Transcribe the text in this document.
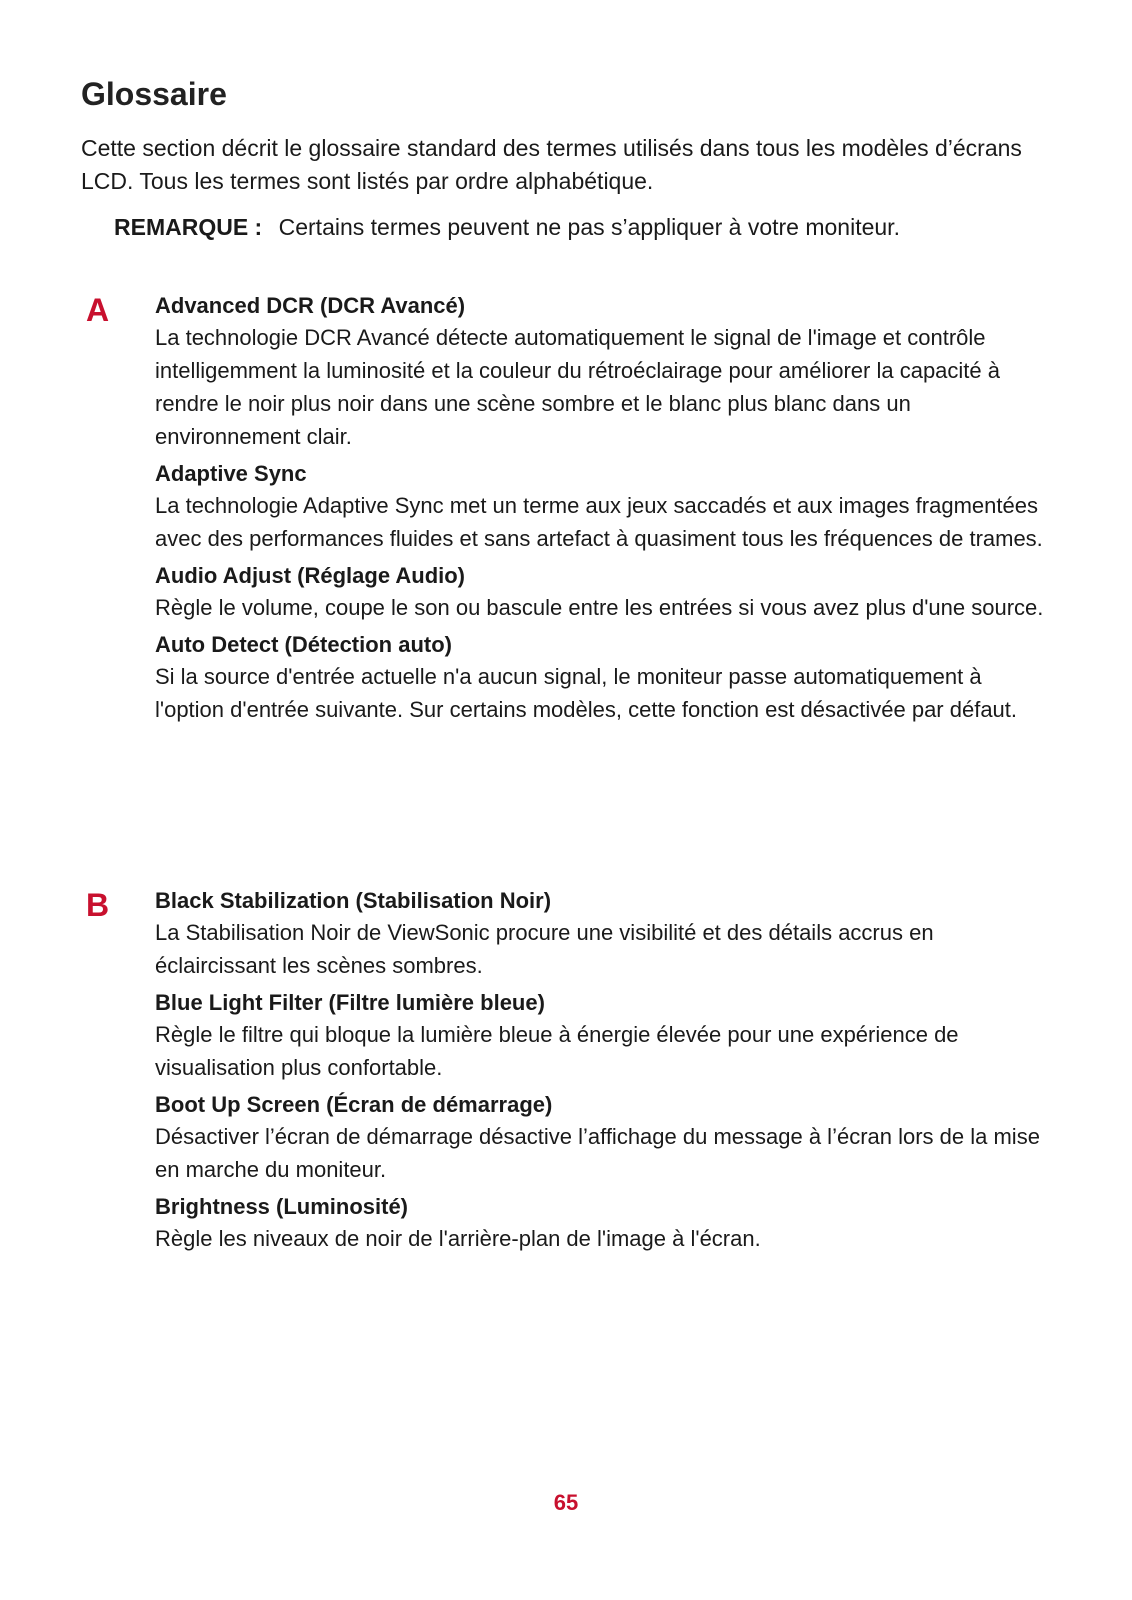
Glossaire

Cette section décrit le glossaire standard des termes utilisés dans tous les modèles d’écrans LCD. Tous les termes sont listés par ordre alphabétique.

REMARQUE : Certains termes peuvent ne pas s’appliquer à votre moniteur.

A Advanced DCR (DCR Avancé)

La technologie DCR Avancé détecte automatiquement le signal de l'image et contrôle intelligemment la luminosité et la couleur du rétroéclairage pour améliorer la capacité à rendre le noir plus noir dans une scène sombre et le blanc plus blanc dans un environnement clair.

Adaptive Sync

La technologie Adaptive Sync met un terme aux jeux saccadés et aux images fragmentées avec des performances fluides et sans artefact à quasiment tous les fréquences de trames.

Audio Adjust (Réglage Audio)

Règle le volume, coupe le son ou bascule entre les entrées si vous avez plus d'une source.

Auto Detect (Détection auto)

Si la source d'entrée actuelle n'a aucun signal, le moniteur passe automatiquement à l'option d'entrée suivante. Sur certains modèles, cette fonction est désactivée par défaut.

B Black Stabilization (Stabilisation Noir)

La Stabilisation Noir de ViewSonic procure une visibilité et des détails accrus en éclaircissant les scènes sombres.

Blue Light Filter (Filtre lumière bleue)

Règle le filtre qui bloque la lumière bleue à énergie élevée pour une expérience de visualisation plus confortable.

Boot Up Screen (Écran de démarrage)

Désactiver l’écran de démarrage désactive l’affichage du message à l’écran lors de la mise en marche du moniteur.

Brightness (Luminosité)

Règle les niveaux de noir de l'arrière-plan de l'image à l'écran.

65
